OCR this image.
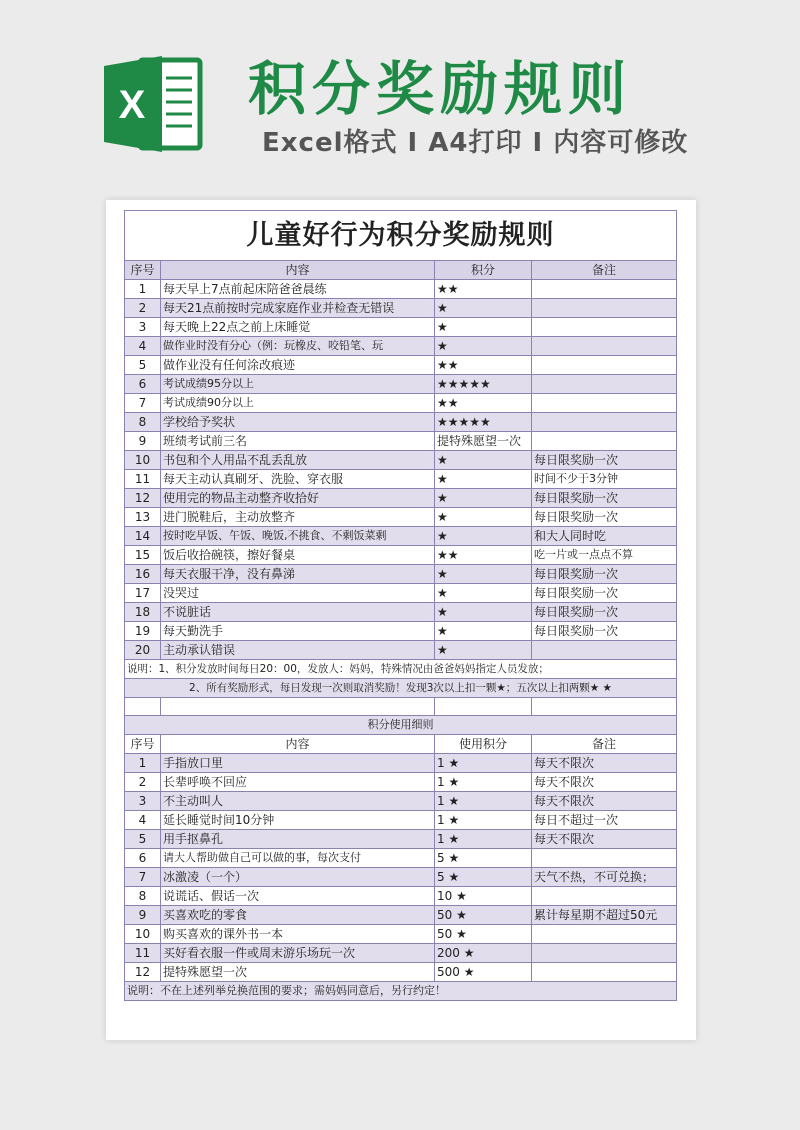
X 积分奖励规则
Excel格式 I A4打印 I 内容可修改
儿童好行为积分奖励规则			
序号	内容	积分	备注
1	每天早上7点前起床陪爸爸晨练	★★	
2	每天21点前按时完成家庭作业并检查无错误	★	
3	每天晚上22点之前上床睡觉	★	
4	做作业时没有分心（例：玩橡皮、咬铅笔、玩	★	
5	做作业没有任何涂改痕迹	★★	
6	考试成绩95分以上	★★★★★	
7	考试成绩90分以上	★★	
8	学校给予奖状	★★★★★	
9	班绩考试前三名	提特殊愿望一次	
10	书包和个人用品不乱丢乱放	★	每日限奖励一次
11	每天主动认真刷牙、洗脸、穿衣服	★	时间不少于3分钟
12	使用完的物品主动整齐收拾好	★	每日限奖励一次
13	进门脱鞋后，主动放整齐	★	每日限奖励一次
14	按时吃早饭、午饭、晚饭,不挑食、不剩饭菜剩	★	和大人同时吃
15	饭后收拾碗筷，擦好餐桌	★★	吃一片或一点点不算
16	每天衣服干净，没有鼻涕	★	每日限奖励一次
17	没哭过	★	每日限奖励一次
18	不说脏话	★	每日限奖励一次
19	每天勤洗手	★	每日限奖励一次
20	主动承认错误	★	
说明：1、积分发放时间每日20：00，发放人：妈妈，特殊情况由爸爸妈妈指定人员发放；			
2、所有奖励形式，每日发现一次则取消奖励！发现3次以上扣一颗★；五次以上扣两颗★ ★			

积分使用细则			
序号	内容	使用积分	备注
1	手指放口里	1 ★	每天不限次
2	长辈呼唤不回应	1 ★	每天不限次
3	不主动叫人	1 ★	每天不限次
4	延长睡觉时间10分钟	1 ★	每日不超过一次
5	用手抠鼻孔	1 ★	每天不限次
6	请大人帮助做自己可以做的事，每次支付	5 ★	
7	冰激凌（一个）	5 ★	天气不热，不可兑换；
8	说谎话、假话一次	10 ★	
9	买喜欢吃的零食	50 ★	累计每星期不超过50元
10	购买喜欢的课外书一本	50 ★	
11	买好看衣服一件或周末游乐场玩一次	200 ★	
12	提特殊愿望一次	500 ★	
说明：不在上述列举兑换范围的要求；需妈妈同意后，另行约定！			
